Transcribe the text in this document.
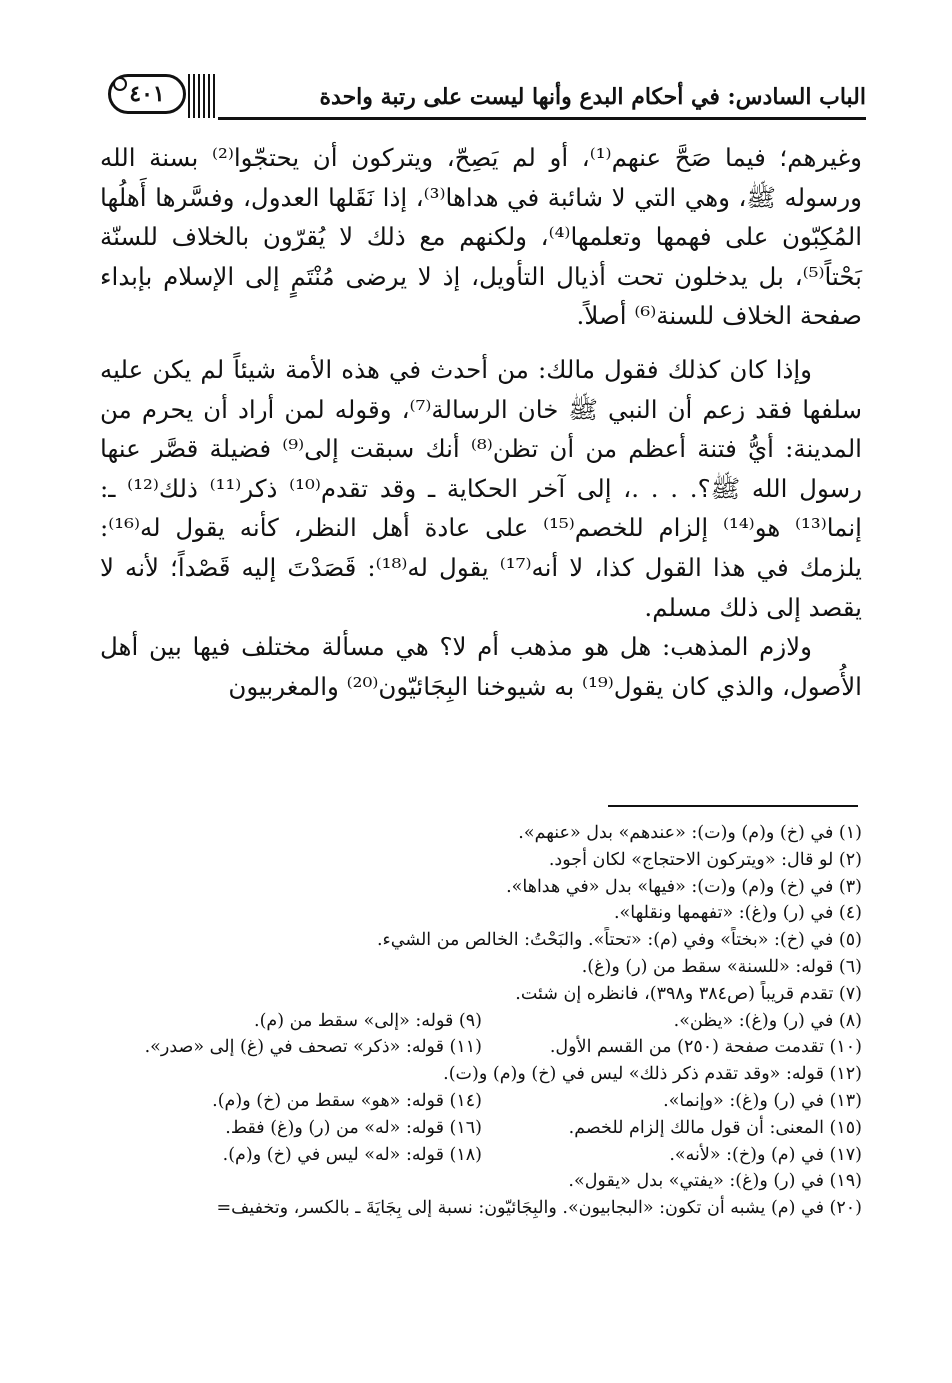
الباب السادس: في أحكام البدع وأنها ليست على رتبة واحدة
٤٠١

وغيرهم؛ فيما صَحَّ عنهم⁽¹⁾، أو لم يَصِحّ، ويتركون أن يحتجّوا⁽²⁾ بسنة الله ورسوله ﷺ، وهي التي لا شائبة في هداها⁽³⁾، إذا نَقَلها العدول، وفسَّرها أَهلُها المُكِبّون على فهمها وتعلمها⁽⁴⁾، ولكنهم مع ذلك لا يُقرّون بالخلاف للسنّة بَحْتاً⁽⁵⁾، بل يدخلون تحت أذيال التأويل، إذ لا يرضى مُنْتَمٍ إلى الإسلام بإبداء صفحة الخلاف للسنة⁽⁶⁾ أصلاً.

وإذا كان كذلك فقول مالك: من أحدث في هذه الأمة شيئاً لم يكن عليه سلفها فقد زعم أن النبي ﷺ خان الرسالة⁽⁷⁾، وقوله لمن أراد أن يحرم من المدينة: أيُّ فتنة أعظم من أن تظن⁽⁸⁾ أنك سبقت إلى⁽⁹⁾ فضيلة قصَّر عنها رسول الله ﷺ؟. . . .، إلى آخر الحكاية ـ وقد تقدم⁽¹⁰⁾ ذكر⁽¹¹⁾ ذلك⁽¹²⁾ ـ: إنما⁽¹³⁾ هو⁽¹⁴⁾ إلزام للخصم⁽¹⁵⁾ على عادة أهل النظر، كأنه يقول له⁽¹⁶⁾: يلزمك في هذا القول كذا، لا أنه⁽¹⁷⁾ يقول له⁽¹⁸⁾: قَصَدْتَ إليه قَصْداً؛ لأنه لا يقصد إلى ذلك مسلم.

ولازم المذهب: هل هو مذهب أم لا؟ هي مسألة مختلف فيها بين أهل الأُصول، والذي كان يقول⁽¹⁹⁾ به شيوخنا البِجَائيّون⁽²⁰⁾ والمغربيون

(١) في (خ) و(م) و(ت): «عندهم» بدل «عنهم».
(٢) لو قال: «ويتركون الاحتجاج» لكان أجود.
(٣) في (خ) و(م) و(ت): «فيها» بدل «في هداها».
(٤) في (ر) و(غ): «تفهمها ونقلها».
(٥) في (خ): «بختاً» وفي (م): «تحتاً». والبَحْتُ: الخالص من الشيء.
(٦) قوله: «للسنة» سقط من (ر) و(غ).
(٧) تقدم قريباً (ص٣٨٤ و٣٩٨)، فانظره إن شئت.
(٨) في (ر) و(غ): «يظن».
(٩) قوله: «إلى» سقط من (م).
(١٠) تقدمت صفحة (٢٥٠) من القسم الأول.
(١١) قوله: «ذكر» تصحف في (غ) إلى «صدر».
(١٢) قوله: «وقد تقدم ذكر ذلك» ليس في (خ) و(م) و(ت).
(١٣) في (ر) و(غ): «وإنما».
(١٤) قوله: «هو» سقط من (خ) و(م).
(١٥) المعنى: أن قول مالك إلزام للخصم.
(١٦) قوله: «له» من (ر) و(غ) فقط.
(١٧) في (م) و(خ): «لأنه».
(١٨) قوله: «له» ليس في (خ) و(م).
(١٩) في (ر) و(غ): «يفتي» بدل «يقول».
(٢٠) في (م) يشبه أن تكون: «البجابيون». والبِجَائيّون: نسبة إلى بِجَايَةَ ـ بالكسر، وتخفيف=
